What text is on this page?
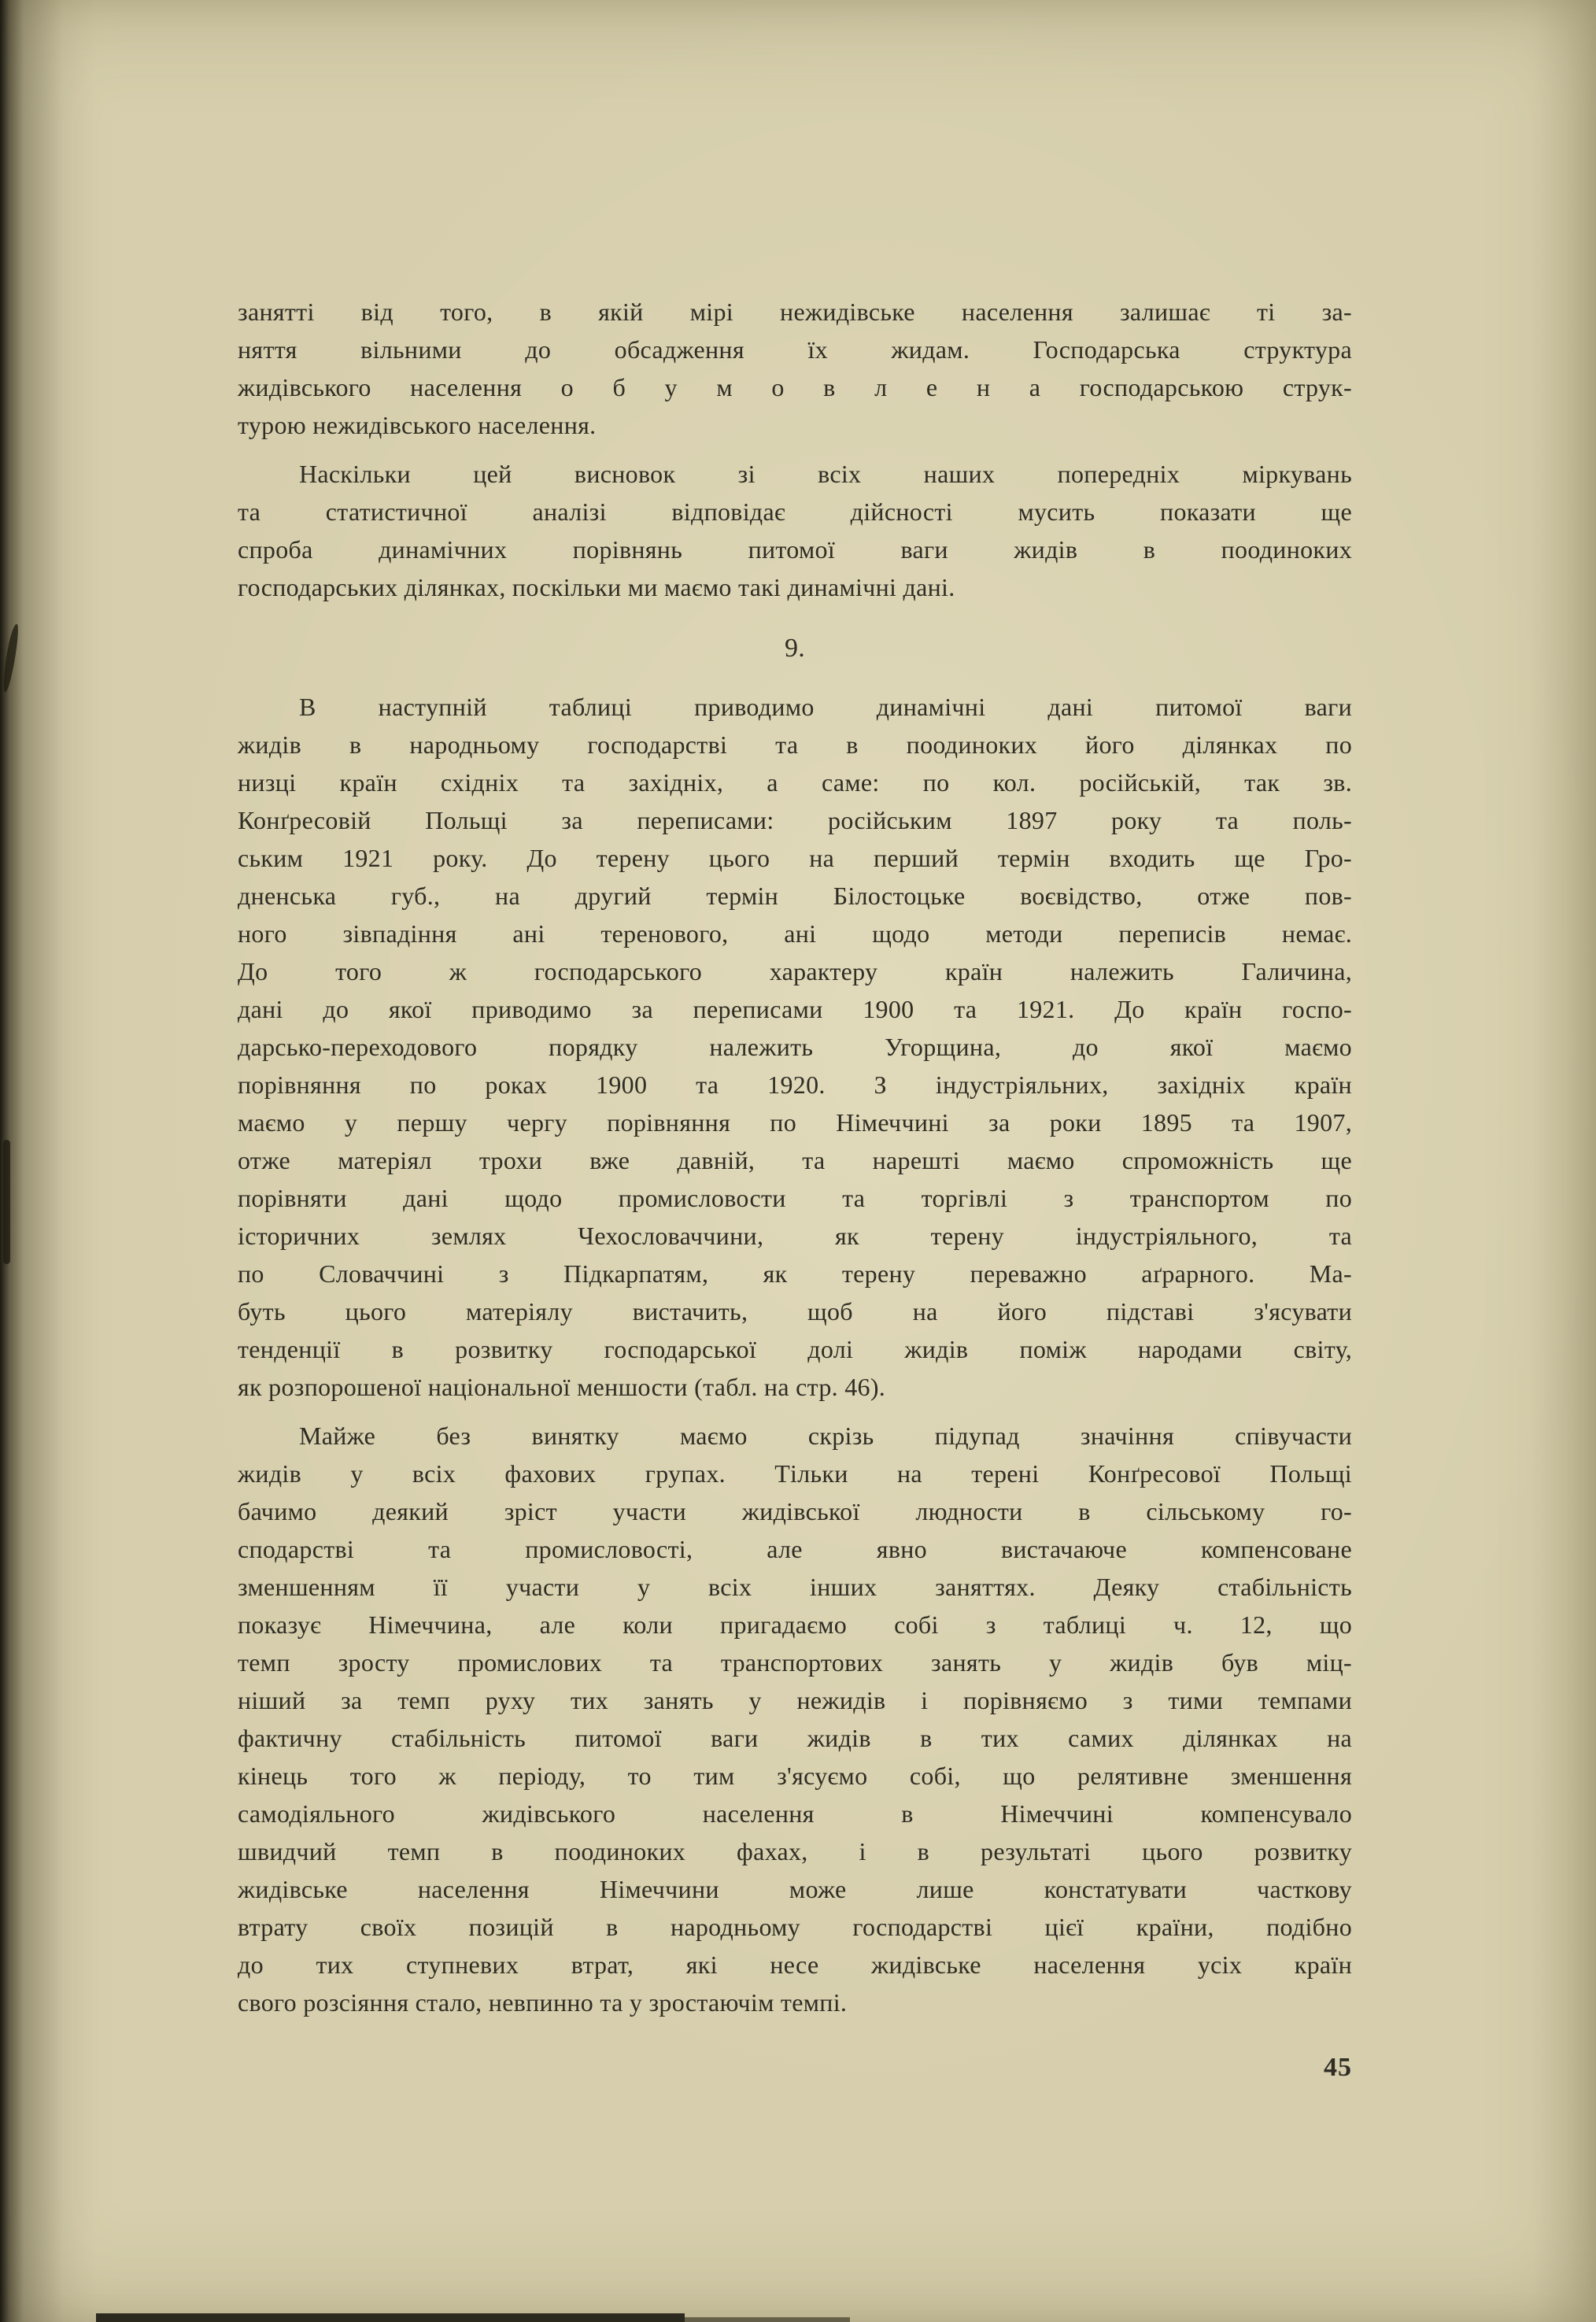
занятті від того, в якій мірі нежидівське населення залишає ті за-
няття вільними до обсадження їх жидам. Господарська структура
жидівського населення о б у м о в л е н а господарською струк-
турою нежидівського населення.
Наскільки цей висновок зі всіх наших попередніх міркувань
та статистичної аналізі відповідає дійсності мусить показати ще
спроба динамічних порівнянь питомої ваги жидів в поодиноких
господарських ділянках, поскільки ми маємо такі динамічні дані.
9.
В наступній таблиці приводимо динамічні дані питомої ваги
жидів в народньому господарстві та в поодиноких його ділянках по
низці країн східніх та західніх, а саме: по кол. російській, так зв.
Конґресовій Польщі за переписами: російським 1897 року та поль-
ським 1921 року. До терену цього на перший термін входить ще Гро-
дненська губ., на другий термін Білостоцьке воєвідство, отже пов-
ного зівпадіння ані теренового, ані щодо методи переписів немає.
До того ж господарського характеру країн належить Галичина,
дані до якої приводимо за переписами 1900 та 1921. До країн госпо-
дарсько-переходового порядку належить Угорщина, до якої маємо
порівняння по роках 1900 та 1920. З індустріяльних, західніх країн
маємо у першу чергу порівняння по Німеччині за роки 1895 та 1907,
отже матеріял трохи вже давній, та нарешті маємо спроможність ще
порівняти дані щодо промисловости та торгівлі з транспортом по
історичних землях Чехословаччини, як терену індустріяльного, та
по Словаччині з Підкарпатям, як терену переважно аґрарного. Ма-
буть цього матеріялу вистачить, щоб на його підставі з'ясувати
тенденції в розвитку господарської долі жидів поміж народами світу,
як розпорошеної національної меншости (табл. на стр. 46).
Майже без винятку маємо скрізь підупад значіння співучасти
жидів у всіх фахових групах. Тільки на терені Конґресової Польщі
бачимо деякий зріст участи жидівської людности в сільському го-
сподарстві та промисловості, але явно вистачаюче компенсоване
зменшенням її участи у всіх інших заняттях. Деяку стабільність
показує Німеччина, але коли пригадаємо собі з таблиці ч. 12, що
темп зросту промислових та транспортових занять у жидів був міц-
ніший за темп руху тих занять у нежидів і порівняємо з тими темпами
фактичну стабільність питомої ваги жидів в тих самих ділянках на
кінець того ж періоду, то тим з'ясуємо собі, що релятивне зменшення
самодіяльного жидівського населення в Німеччині компенсувало
швидчий темп в поодиноких фахах, і в результаті цього розвитку
жидівське населення Німеччини може лише констатувати часткову
втрату своїх позицій в народньому господарстві цієї країни, подібно
до тих ступневих втрат, які несе жидівське населення усіх країн
свого розсіяння стало, невпинно та у зростаючім темпі.
45
